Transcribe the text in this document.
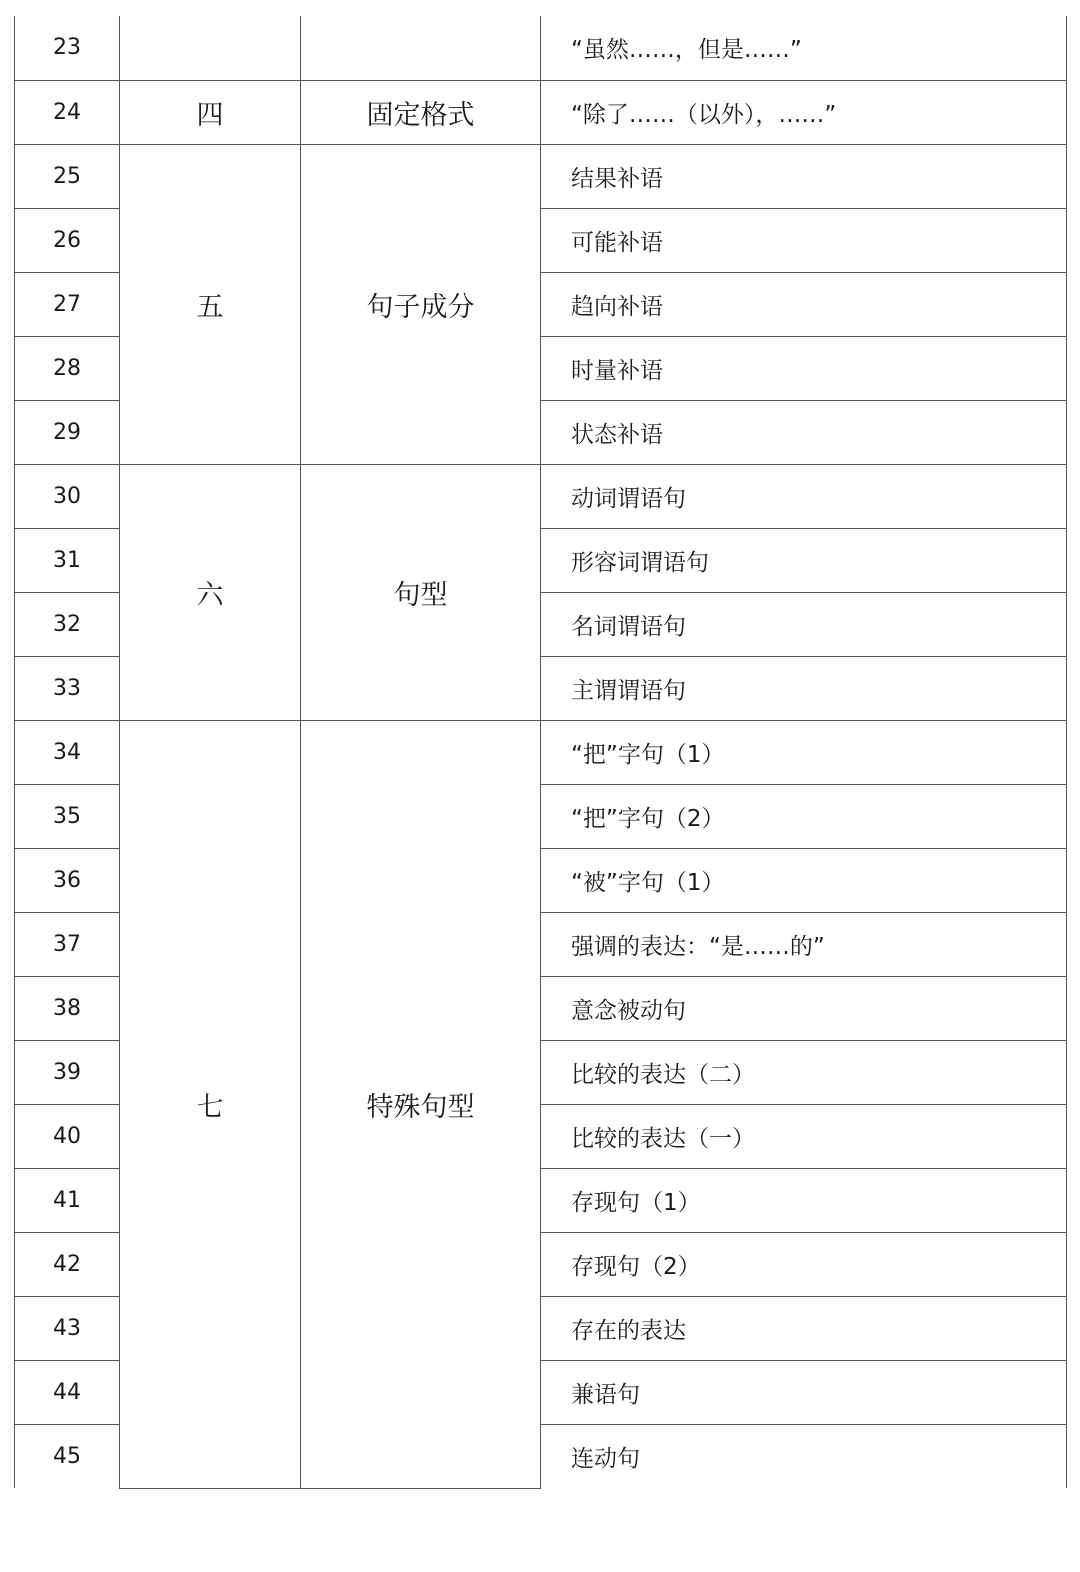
23			“虽然……，但是……”
24	四	固定格式	“除了……（以外），……”
25	五	句子成分	结果补语
26			可能补语
27			趋向补语
28			时量补语
29			状态补语
30	六	句型	动词谓语句
31			形容词谓语句
32			名词谓语句
33			主谓谓语句
34	七	特殊句型	“把”字句（1）
35			“把”字句（2）
36			“被”字句（1）
37			强调的表达：“是……的”
38			意念被动句
39			比较的表达（二）
40			比较的表达（一）
41			存现句（1）
42			存现句（2）
43			存在的表达
44			兼语句
45			连动句
